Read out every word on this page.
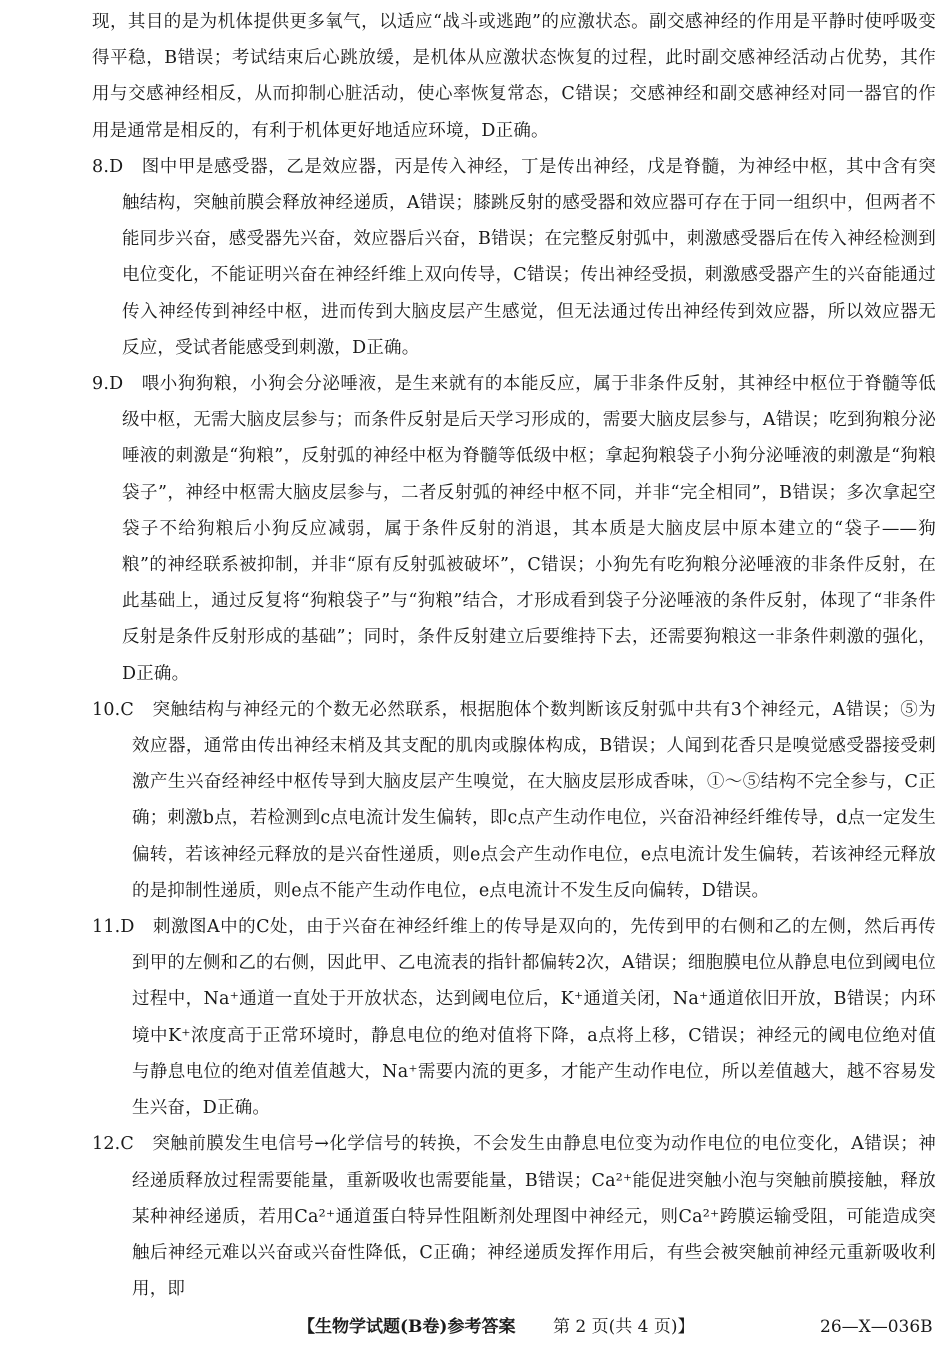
现，其目的是为机体提供更多氧气，以适应“战斗或逃跑”的应激状态。副交感神经的作用是平静时使呼吸变得平稳，B错误；考试结束后心跳放缓，是机体从应激状态恢复的过程，此时副交感神经活动占优势，其作用与交感神经相反，从而抑制心脏活动，使心率恢复常态，C错误；交感神经和副交感神经对同一器官的作用是通常是相反的，有利于机体更好地适应环境，D正确。

8.D　图中甲是感受器，乙是效应器，丙是传入神经，丁是传出神经，戊是脊髓，为神经中枢，其中含有突触结构，突触前膜会释放神经递质，A错误；膝跳反射的感受器和效应器可存在于同一组织中，但两者不能同步兴奋，感受器先兴奋，效应器后兴奋，B错误；在完整反射弧中，刺激感受器后在传入神经检测到电位变化，不能证明兴奋在神经纤维上双向传导，C错误；传出神经受损，刺激感受器产生的兴奋能通过传入神经传到神经中枢，进而传到大脑皮层产生感觉，但无法通过传出神经传到效应器，所以效应器无反应，受试者能感受到刺激，D正确。

9.D　喂小狗狗粮，小狗会分泌唾液，是生来就有的本能反应，属于非条件反射，其神经中枢位于脊髓等低级中枢，无需大脑皮层参与；而条件反射是后天学习形成的，需要大脑皮层参与，A错误；吃到狗粮分泌唾液的刺激是“狗粮”，反射弧的神经中枢为脊髓等低级中枢；拿起狗粮袋子小狗分泌唾液的刺激是“狗粮袋子”，神经中枢需大脑皮层参与，二者反射弧的神经中枢不同，并非“完全相同”，B错误；多次拿起空袋子不给狗粮后小狗反应减弱，属于条件反射的消退，其本质是大脑皮层中原本建立的“袋子——狗粮”的神经联系被抑制，并非“原有反射弧被破坏”，C错误；小狗先有吃狗粮分泌唾液的非条件反射，在此基础上，通过反复将“狗粮袋子”与“狗粮”结合，才形成看到袋子分泌唾液的条件反射，体现了“非条件反射是条件反射形成的基础”；同时，条件反射建立后要维持下去，还需要狗粮这一非条件刺激的强化，D正确。

10.C　突触结构与神经元的个数无必然联系，根据胞体个数判断该反射弧中共有3个神经元，A错误；⑤为效应器，通常由传出神经末梢及其支配的肌肉或腺体构成，B错误；人闻到花香只是嗅觉感受器接受刺激产生兴奋经神经中枢传导到大脑皮层产生嗅觉，在大脑皮层形成香味，①～⑤结构不完全参与，C正确；刺激b点，若检测到c点电流计发生偏转，即c点产生动作电位，兴奋沿神经纤维传导，d点一定发生偏转，若该神经元释放的是兴奋性递质，则e点会产生动作电位，e点电流计发生偏转，若该神经元释放的是抑制性递质，则e点不能产生动作电位，e点电流计不发生反向偏转，D错误。

11.D　刺激图A中的C处，由于兴奋在神经纤维上的传导是双向的，先传到甲的右侧和乙的左侧，然后再传到甲的左侧和乙的右侧，因此甲、乙电流表的指针都偏转2次，A错误；细胞膜电位从静息电位到阈电位过程中，Na⁺通道一直处于开放状态，达到阈电位后，K⁺通道关闭，Na⁺通道依旧开放，B错误；内环境中K⁺浓度高于正常环境时，静息电位的绝对值将下降，a点将上移，C错误；神经元的阈电位绝对值与静息电位的绝对值差值越大，Na⁺需要内流的更多，才能产生动作电位，所以差值越大，越不容易发生兴奋，D正确。

12.C　突触前膜发生电信号→化学信号的转换，不会发生由静息电位变为动作电位的电位变化，A错误；神经递质释放过程需要能量，重新吸收也需要能量，B错误；Ca²⁺能促进突触小泡与突触前膜接触，释放某种神经递质，若用Ca²⁺通道蛋白特异性阻断剂处理图中神经元，则Ca²⁺跨膜运输受阻，可能造成突触后神经元难以兴奋或兴奋性降低，C正确；神经递质发挥作用后，有些会被突触前神经元重新吸收利用，即

【生物学试题(B卷)参考答案 第 2 页(共 4 页)】	26—X—036B
